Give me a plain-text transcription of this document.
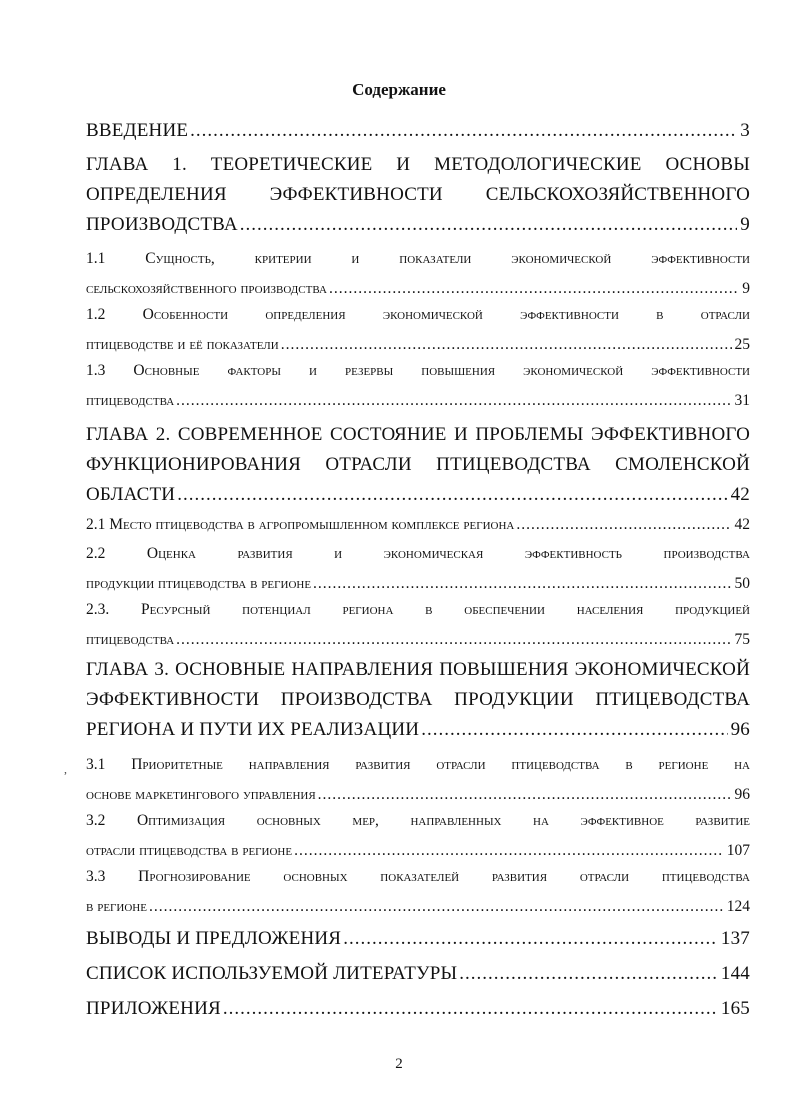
Содержание
ВВЕДЕНИЕ .....	3
ГЛАВА 1. ТЕОРЕТИЧЕСКИЕ И МЕТОДОЛОГИЧЕСКИЕ ОСНОВЫ
ОПРЕДЕЛЕНИЯ ЭФФЕКТИВНОСТИ СЕЛЬСКОХОЗЯЙСТВЕННОГО
ПРОИЗВОДСТВА .....	9
1.1 Сущность, критерии и показатели экономической эффективности
сельскохозяйственного производства .....	9
1.2 Особенности определения экономической эффективности в отрасли
птицеводстве и её показатели .....	25
1.3 Основные факторы и резервы повышения экономической эффективности
птицеводства .....	31
ГЛАВА 2. СОВРЕМЕННОЕ СОСТОЯНИЕ И ПРОБЛЕМЫ ЭФФЕКТИВНОГО
ФУНКЦИОНИРОВАНИЯ ОТРАСЛИ ПТИЦЕВОДСТВА СМОЛЕНСКОЙ
ОБЛАСТИ .....	42
2.1 Место птицеводства в агропромышленном комплексе региона .....	42
2.2 Оценка развития и экономическая эффективность производства
продукции птицеводства в регионе .....	50
2.3. Ресурсный потенциал региона в обеспечении населения продукцией
птицеводства .....	75
ГЛАВА 3. ОСНОВНЫЕ НАПРАВЛЕНИЯ ПОВЫШЕНИЯ ЭКОНОМИЧЕСКОЙ
ЭФФЕКТИВНОСТИ ПРОИЗВОДСТВА ПРОДУКЦИИ ПТИЦЕВОДСТВА
РЕГИОНА И ПУТИ ИХ РЕАЛИЗАЦИИ .....	96
3.1 Приоритетные направления развития отрасли птицеводства в регионе на
основе маркетингового управления .....	96
3.2 Оптимизация основных мер, направленных на эффективное развитие
отрасли птицеводства в регионе .....	107
3.3 Прогнозирование основных показателей развития отрасли птицеводства
в регионе .....	124
ВЫВОДЫ И ПРЕДЛОЖЕНИЯ .....	137
СПИСОК ИСПОЛЬЗУЕМОЙ ЛИТЕРАТУРЫ .....	144
ПРИЛОЖЕНИЯ .....	165
2
,
